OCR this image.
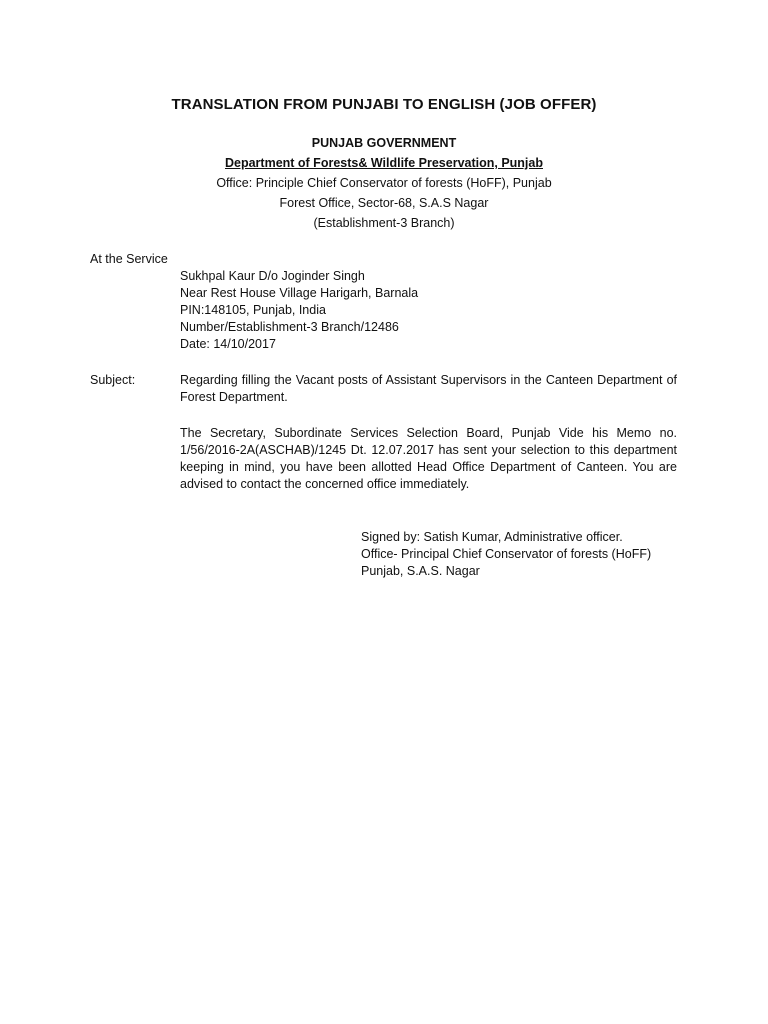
TRANSLATION FROM PUNJABI TO ENGLISH (JOB OFFER)
PUNJAB GOVERNMENT
Department of Forests& Wildlife Preservation, Punjab
Office: Principle Chief Conservator of forests (HoFF), Punjab
Forest Office, Sector-68, S.A.S Nagar
(Establishment-3 Branch)
At the Service
Sukhpal Kaur D/o Joginder Singh
Near Rest House Village Harigarh, Barnala
PIN:148105, Punjab, India
Number/Establishment-3 Branch/12486
Date: 14/10/2017
Subject:	Regarding filling the Vacant posts of Assistant Supervisors in the Canteen Department of Forest Department.
The Secretary, Subordinate Services Selection Board, Punjab Vide his Memo no. 1/56/2016-2A(ASCHAB)/1245 Dt. 12.07.2017 has sent your selection to this department keeping in mind, you have been allotted Head Office Department of Canteen. You are advised to contact the concerned office immediately.
Signed by: Satish Kumar, Administrative officer.
Office- Principal Chief Conservator of forests (HoFF)
Punjab, S.A.S. Nagar
